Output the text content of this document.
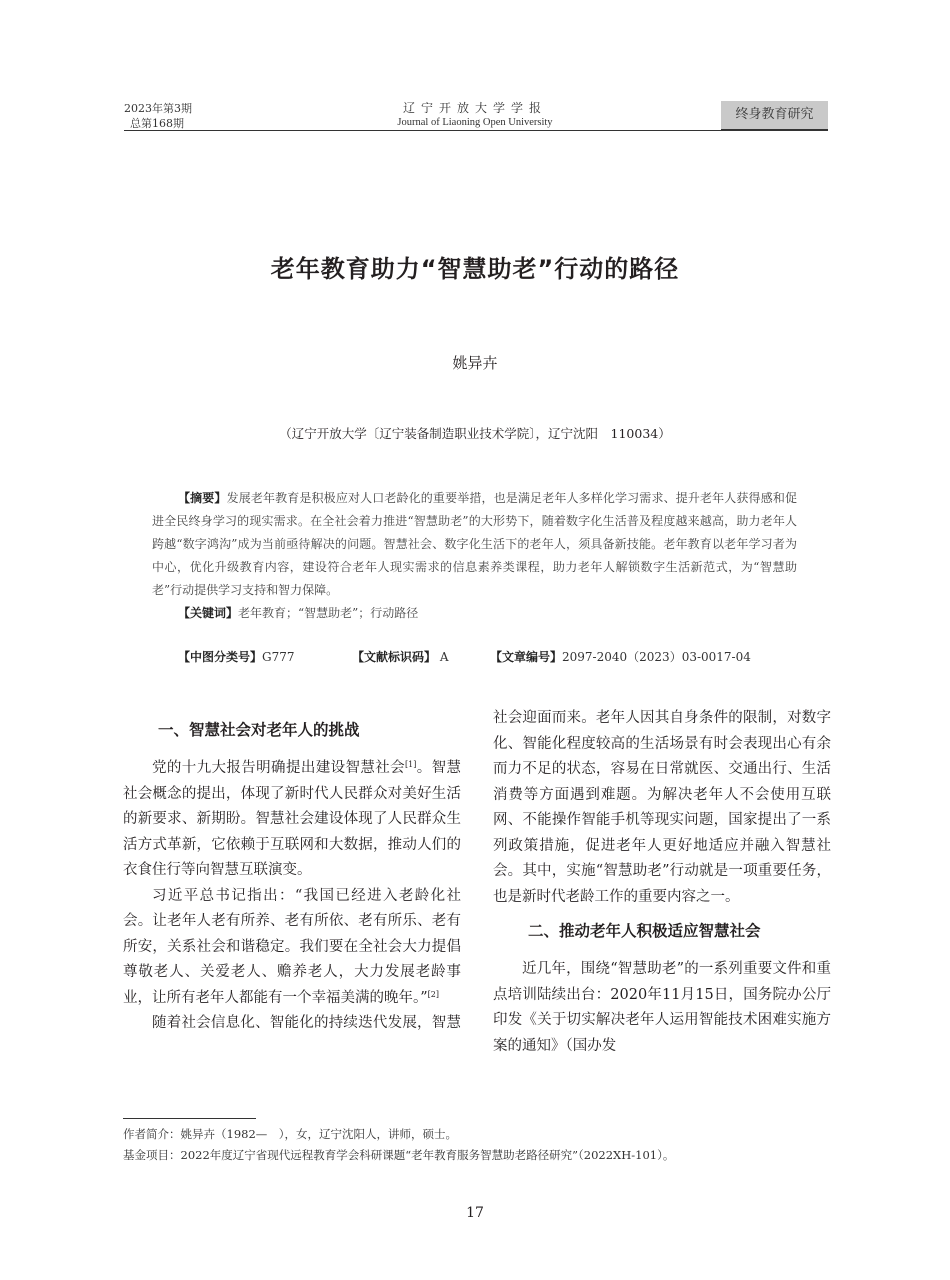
2023年第3期
总第168期
辽宁开放大学学报
Journal of Liaoning Open University
终身教育研究
老年教育助力“智慧助老”行动的路径
姚异卉
（辽宁开放大学〔辽宁装备制造职业技术学院〕，辽宁沈阳　110034）
【摘要】发展老年教育是积极应对人口老龄化的重要举措，也是满足老年人多样化学习需求、提升老年人获得感和促进全民终身学习的现实需求。在全社会着力推进“智慧助老”的大形势下，随着数字化生活普及程度越来越高，助力老年人跨越“数字鸿沟”成为当前亟待解决的问题。智慧社会、数字化生活下的老年人，须具备新技能。老年教育以老年学习者为中心，优化升级教育内容，建设符合老年人现实需求的信息素养类课程，助力老年人解锁数字生活新范式，为“智慧助老”行动提供学习支持和智力保障。
【关键词】老年教育；“智慧助老”；行动路径
【中图分类号】G777	【文献标识码】 A	【文章编号】2097-2040（2023）03-0017-04
一、智慧社会对老年人的挑战

党的十九大报告明确提出建设智慧社会[1]。智慧社会概念的提出，体现了新时代人民群众对美好生活的新要求、新期盼。智慧社会建设体现了人民群众生活方式革新，它依赖于互联网和大数据，推动人们的衣食住行等向智慧互联演变。

习近平总书记指出：“我国已经进入老龄化社会。让老年人老有所养、老有所依、老有所乐、老有所安，关系社会和谐稳定。我们要在全社会大力提倡尊敬老人、关爱老人、赡养老人，大力发展老龄事业，让所有老年人都能有一个幸福美满的晚年。”[2]

随着社会信息化、智能化的持续迭代发展，智慧

社会迎面而来。老年人因其自身条件的限制，对数字化、智能化程度较高的生活场景有时会表现出心有余而力不足的状态，容易在日常就医、交通出行、生活消费等方面遇到难题。为解决老年人不会使用互联网、不能操作智能手机等现实问题，国家提出了一系列政策措施，促进老年人更好地适应并融入智慧社会。其中，实施“智慧助老”行动就是一项重要任务，也是新时代老龄工作的重要内容之一。

二、推动老年人积极适应智慧社会

近几年，围绕“智慧助老”的一系列重要文件和重点培训陆续出台：2020年11月15日，国务院办公厅印发《关于切实解决老年人运用智能技术困难实施方案的通知》（国办发

作者简介：姚异卉（1982—　），女，辽宁沈阳人，讲师，硕士。
基金项目：2022年度辽宁省现代远程教育学会科研课题“老年教育服务智慧助老路径研究”（2022XH-101）。
17
